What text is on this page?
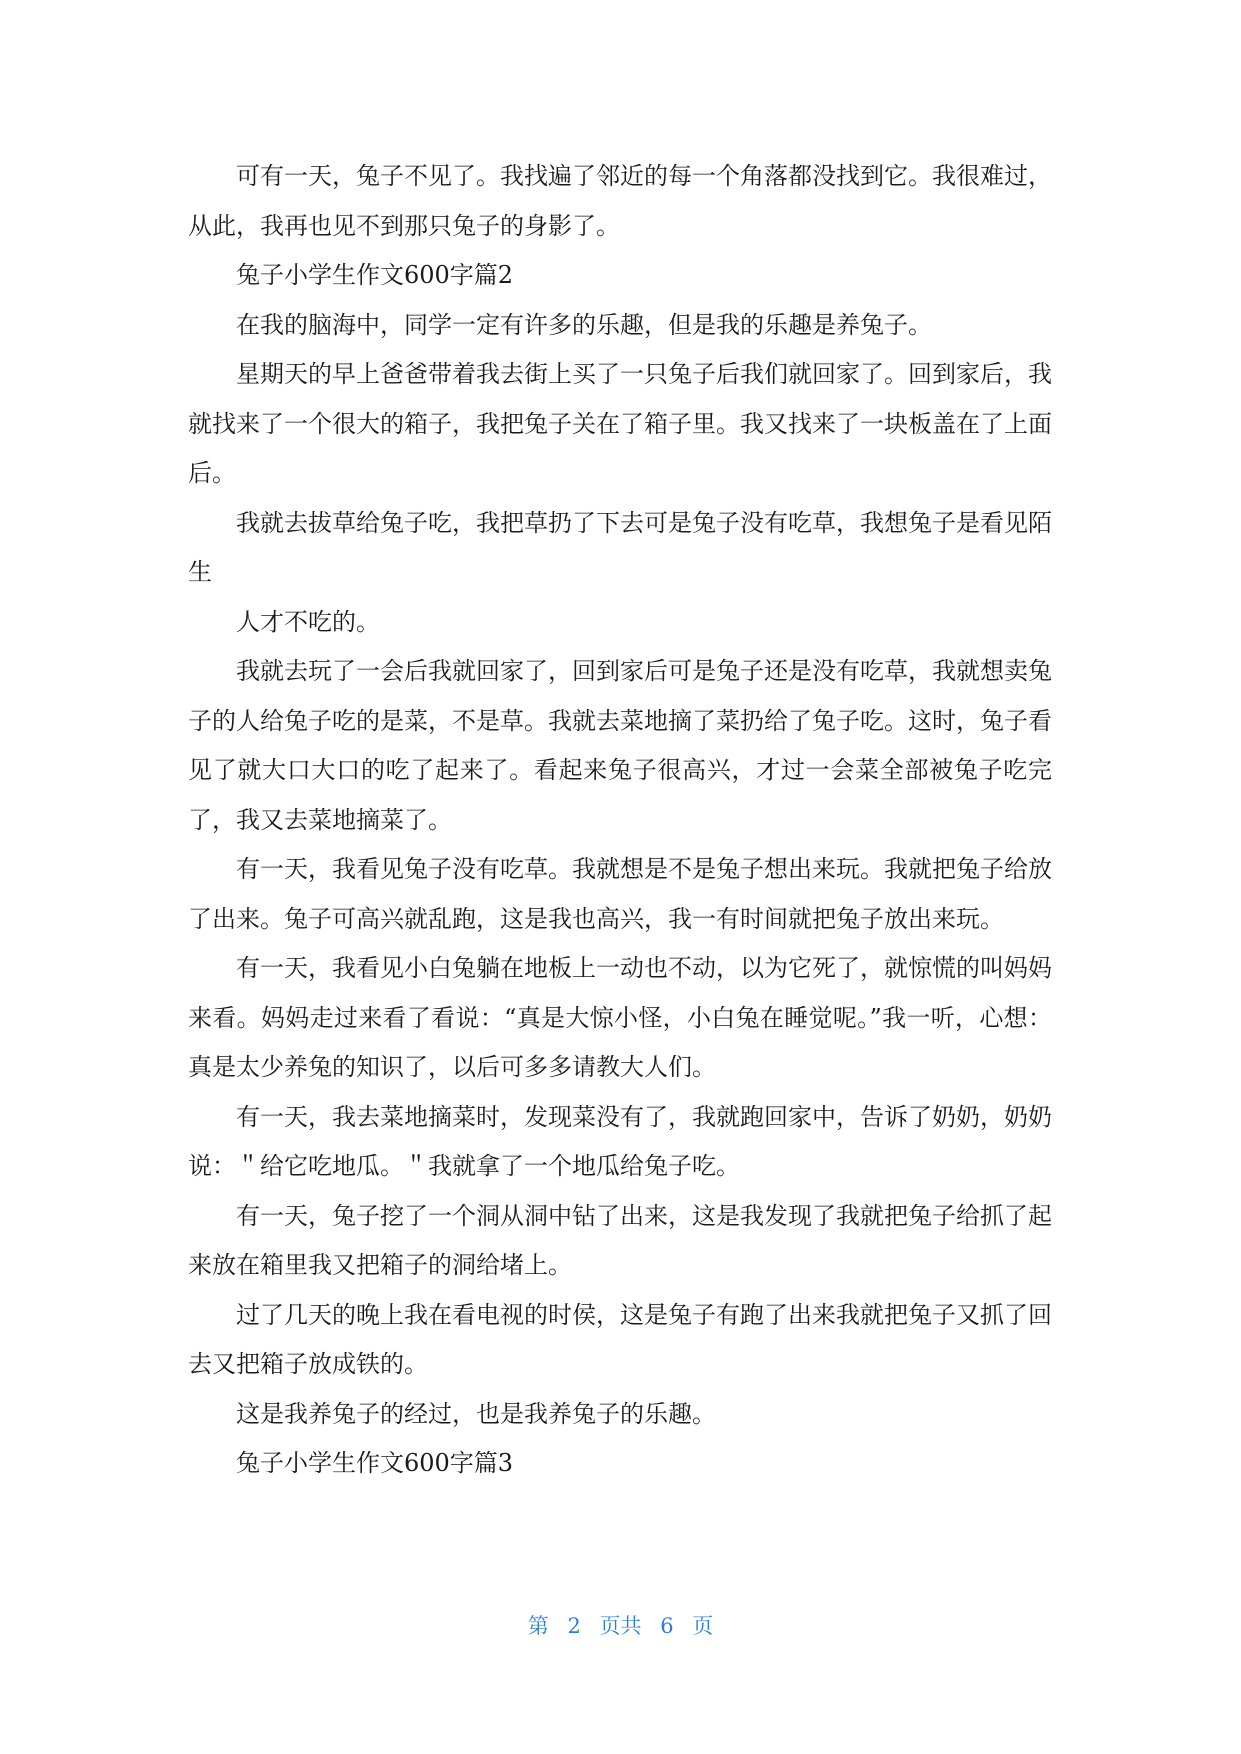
可有一天，兔子不见了。我找遍了邻近的每一个角落都没找到它。我很难过，从此，我再也见不到那只兔子的身影了。

兔子小学生作文600字篇2

在我的脑海中，同学一定有许多的乐趣，但是我的乐趣是养兔子。

星期天的早上爸爸带着我去街上买了一只兔子后我们就回家了。回到家后，我就找来了一个很大的箱子，我把兔子关在了箱子里。我又找来了一块板盖在了上面后。

我就去拔草给兔子吃，我把草扔了下去可是兔子没有吃草，我想兔子是看见陌生

人才不吃的。

我就去玩了一会后我就回家了，回到家后可是兔子还是没有吃草，我就想卖兔子的人给兔子吃的是菜，不是草。我就去菜地摘了菜扔给了兔子吃。这时，兔子看见了就大口大口的吃了起来了。看起来兔子很高兴，才过一会菜全部被兔子吃完了，我又去菜地摘菜了。

有一天，我看见兔子没有吃草。我就想是不是兔子想出来玩。我就把兔子给放了出来。兔子可高兴就乱跑，这是我也高兴，我一有时间就把兔子放出来玩。

有一天，我看见小白兔躺在地板上一动也不动，以为它死了，就惊慌的叫妈妈来看。妈妈走过来看了看说：“真是大惊小怪，小白兔在睡觉呢。”我一听，心想：真是太少养兔的知识了，以后可多多请教大人们。

有一天，我去菜地摘菜时，发现菜没有了，我就跑回家中，告诉了奶奶，奶奶说：＂给它吃地瓜。＂我就拿了一个地瓜给兔子吃。

有一天，兔子挖了一个洞从洞中钻了出来，这是我发现了我就把兔子给抓了起来放在箱里我又把箱子的洞给堵上。

过了几天的晚上我在看电视的时侯，这是兔子有跑了出来我就把兔子又抓了回去又把箱子放成铁的。

这是我养兔子的经过，也是我养兔子的乐趣。

兔子小学生作文600字篇3

第 2 页共 6 页
